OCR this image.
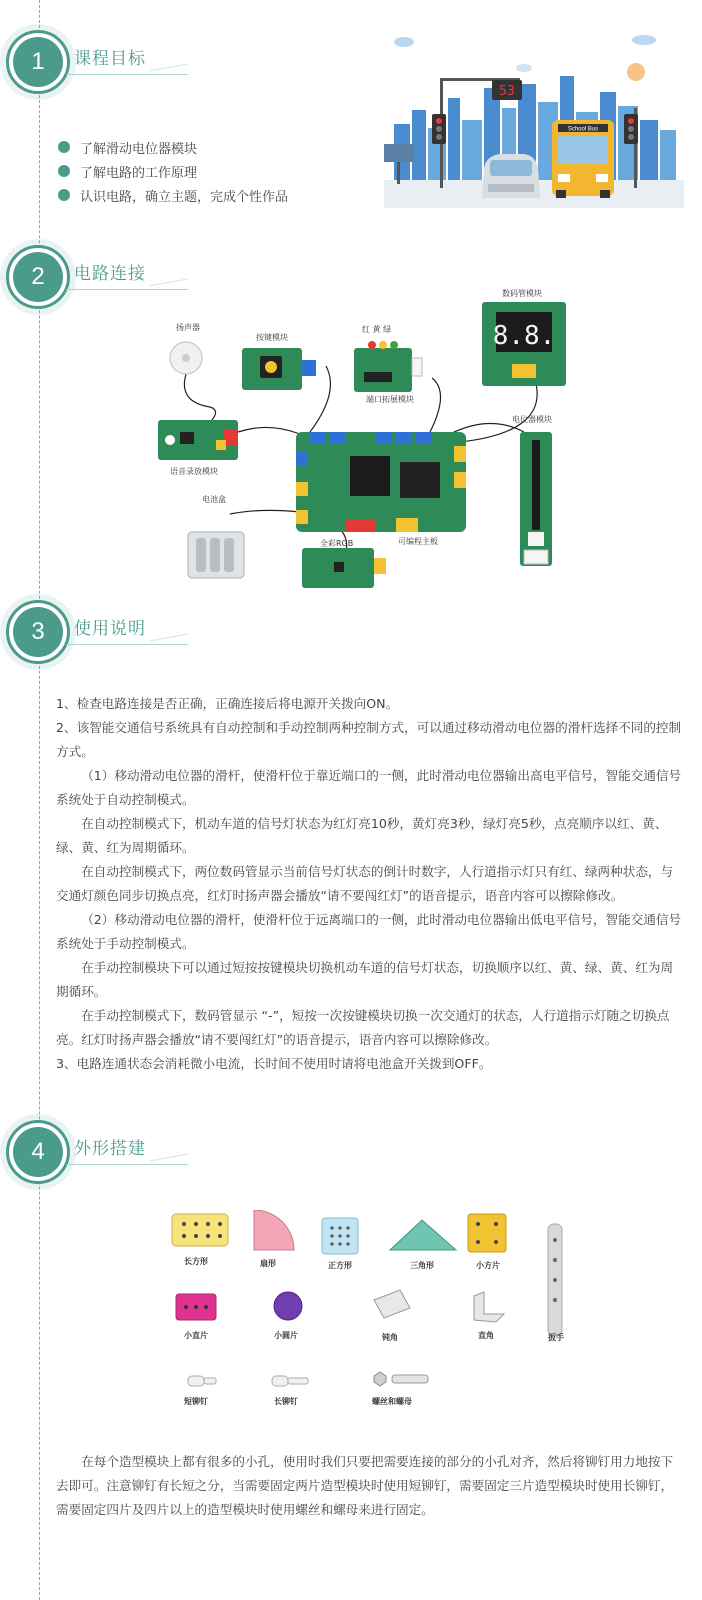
1	课程目标
了解滑动电位器模块
了解电路的工作原理
认识电路，确立主题，完成个性作品
53
School Bus
2	电路连接
8.8.
扬声器
按键模块
红 黄 绿
端口拓展模块
数码管模块
语音录放模块
电池盒
电位器模块
全彩RGB	可编程主板
3	使用说明

1、检查电路连接是否正确，正确连接后将电源开关拨向ON。

2、该智能交通信号系统具有自动控制和手动控制两种控制方式，可以通过移动滑动电位器的滑杆选择不同的控制方式。

（1）移动滑动电位器的滑杆，使滑杆位于靠近端口的一侧，此时滑动电位器输出高电平信号，智能交通信号系统处于自动控制模式。

在自动控制模式下，机动车道的信号灯状态为红灯亮10秒，黄灯亮3秒，绿灯亮5秒，点亮顺序以红、黄、绿、黄、红为周期循环。

在自动控制模式下，两位数码管显示当前信号灯状态的倒计时数字，人行道指示灯只有红、绿两种状态，与交通灯颜色同步切换点亮，红灯时扬声器会播放“请不要闯红灯”的语音提示，语音内容可以擦除修改。

（2）移动滑动电位器的滑杆，使滑杆位于远离端口的一侧，此时滑动电位器输出低电平信号，智能交通信号系统处于手动控制模式。

在手动控制模块下可以通过短按按键模块切换机动车道的信号灯状态，切换顺序以红、黄、绿、黄、红为周期循环。

在手动控制模式下，数码管显示 “-”，短按一次按键模块切换一次交通灯的状态，人行道指示灯随之切换点亮。红灯时扬声器会播放“请不要闯红灯”的语音提示，语音内容可以擦除修改。

3、电路连通状态会消耗微小电流，长时间不使用时请将电池盒开关拨到OFF。

4	外形搭建
长方形	扇形	正方形	三角形	小方片
小直片	小圆片	钝角	直角	扳手
短铆钉	长铆钉	螺丝和螺母
在每个造型模块上都有很多的小孔，使用时我们只要把需要连接的部分的小孔对齐，然后将铆钉用力地按下去即可。注意铆钉有长短之分，当需要固定两片造型模块时使用短铆钉，需要固定三片造型模块时使用长铆钉，需要固定四片及四片以上的造型模块时使用螺丝和螺母来进行固定。
